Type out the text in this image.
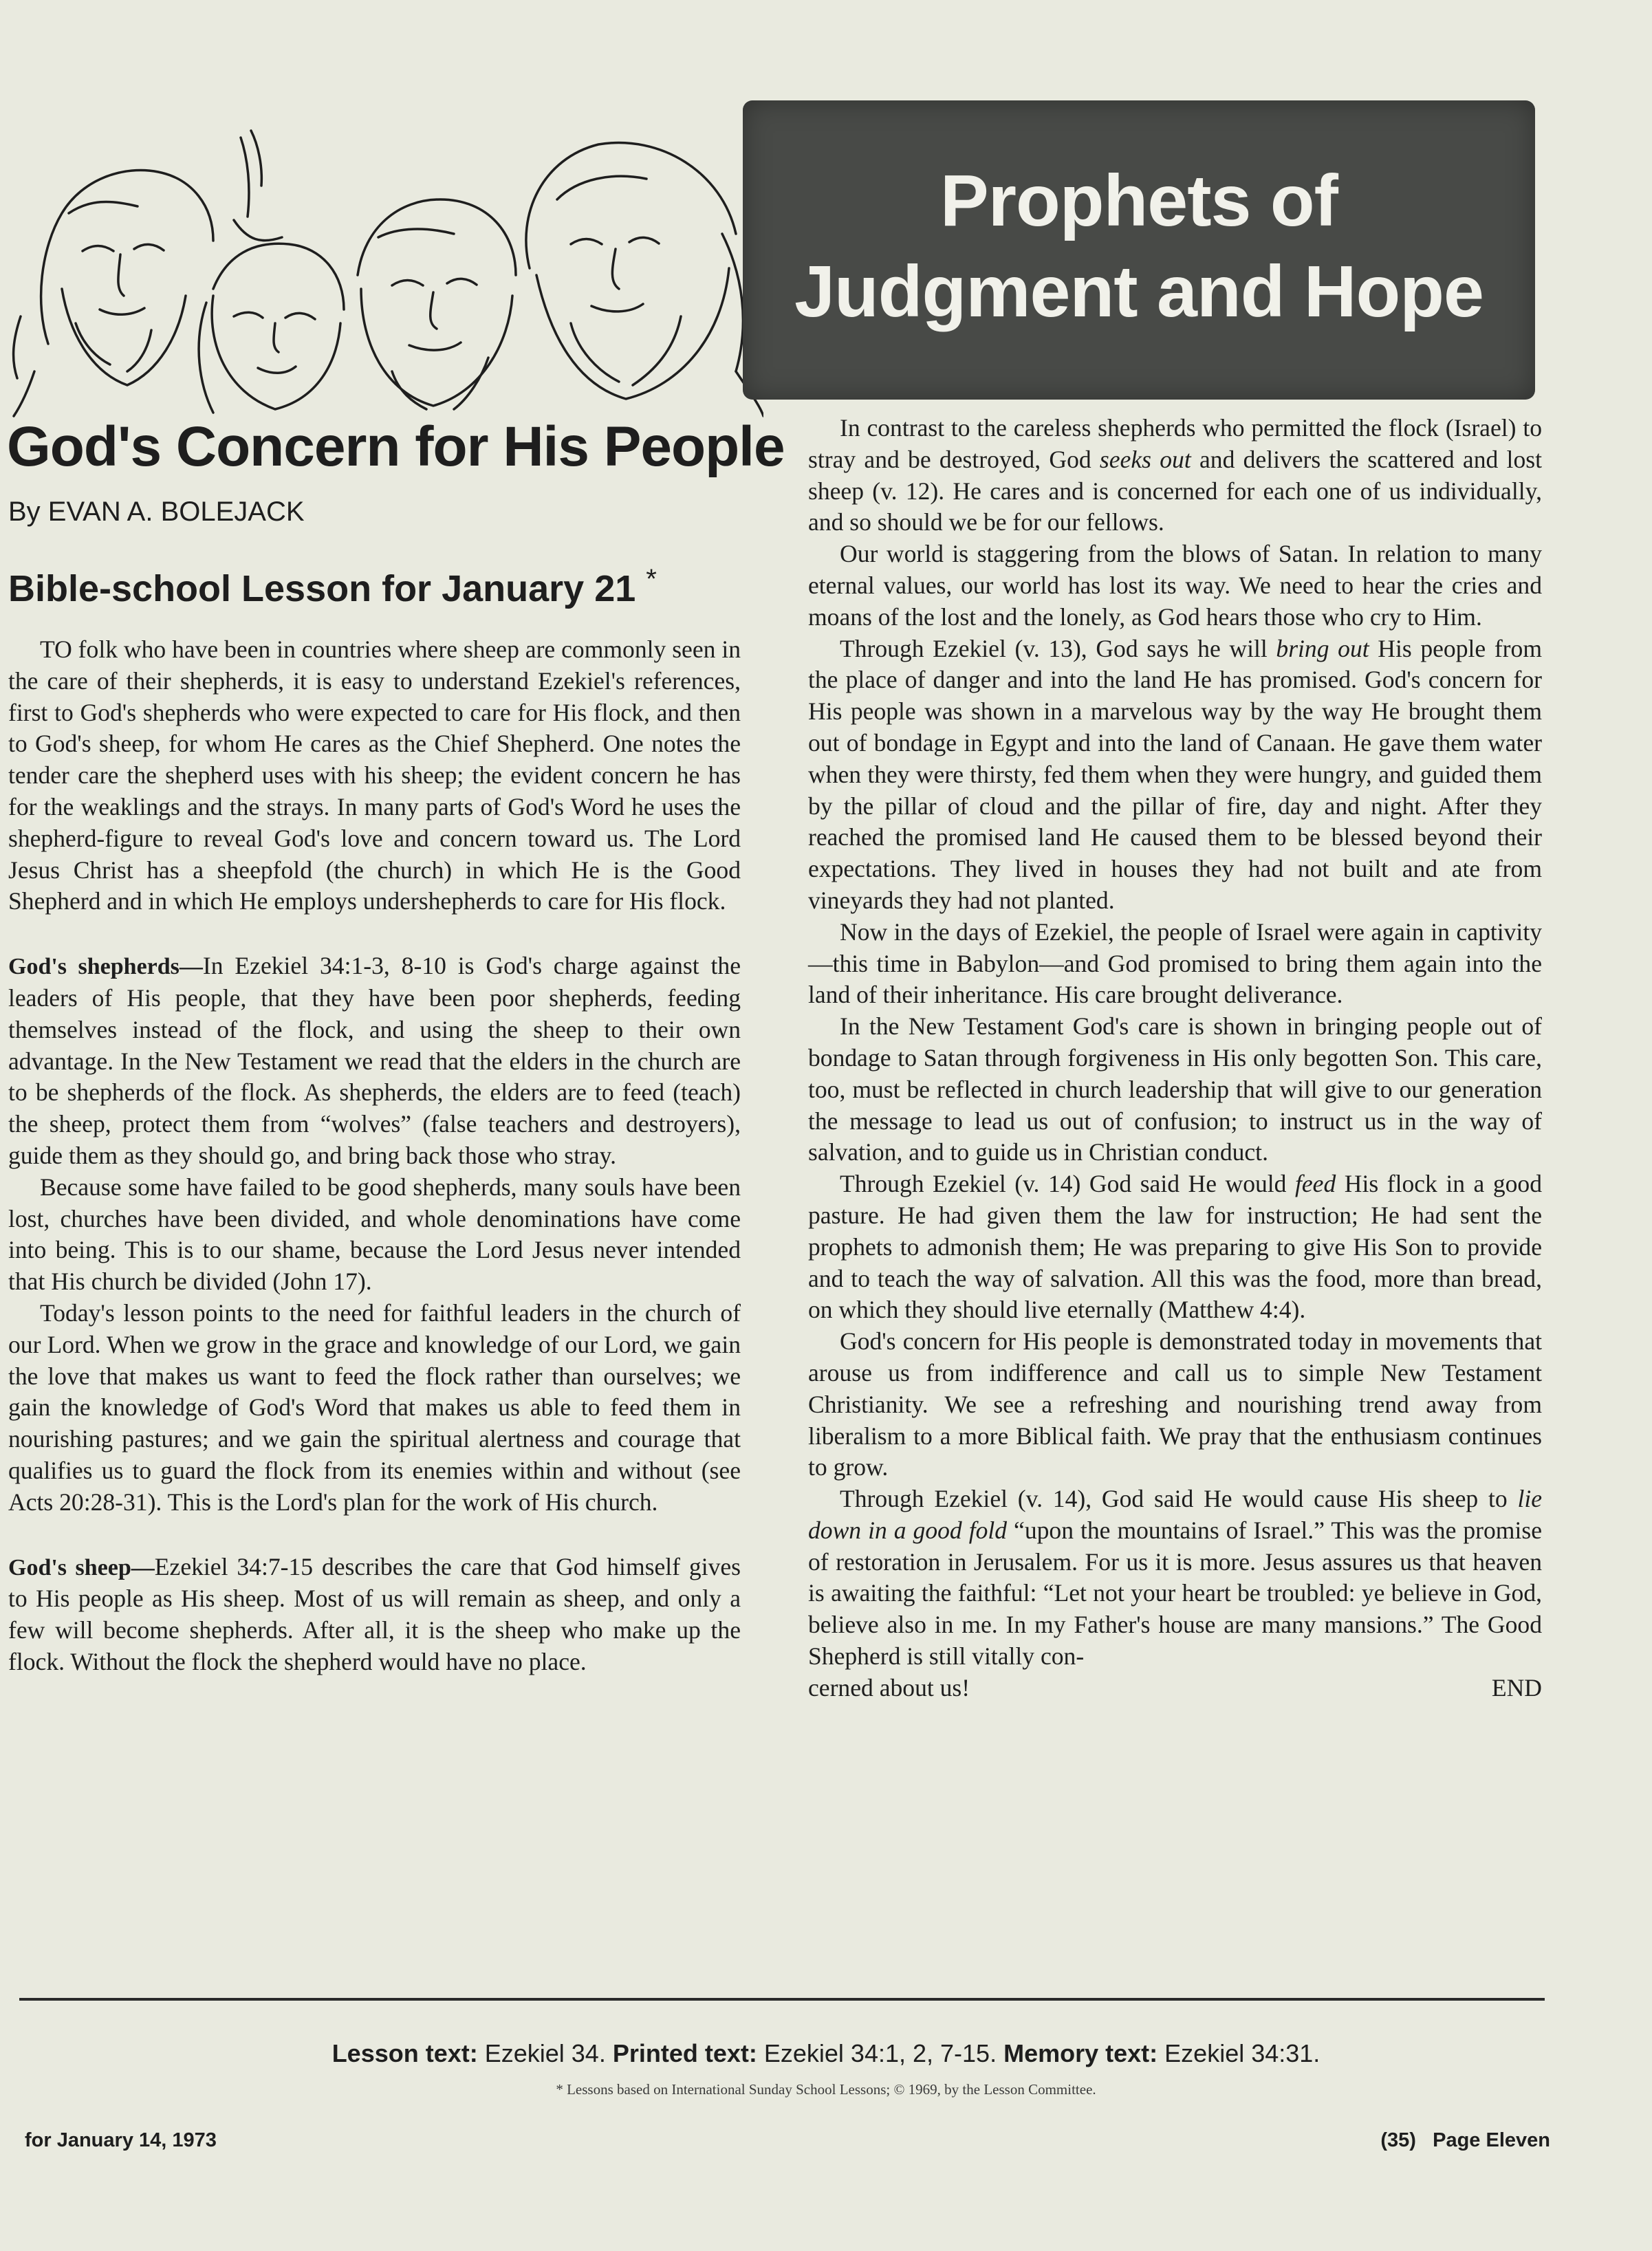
Prophets of
Judgment and Hope
God's Concern for His People

By EVAN A. BOLEJACK

Bible-school Lesson for January 21 *

TO folk who have been in countries where sheep are commonly seen in the care of their shepherds, it is easy to understand Ezekiel's references, first to God's shepherds who were expected to care for His flock, and then to God's sheep, for whom He cares as the Chief Shepherd. One notes the tender care the shepherd uses with his sheep; the evident concern he has for the weaklings and the strays. In many parts of God's Word he uses the shepherd-figure to reveal God's love and concern toward us. The Lord Jesus Christ has a sheepfold (the church) in which He is the Good Shepherd and in which He employs undershepherds to care for His flock.

God's shepherds—In Ezekiel 34:1-3, 8-10 is God's charge against the leaders of His people, that they have been poor shepherds, feeding themselves instead of the flock, and using the sheep to their own advantage. In the New Testament we read that the elders in the church are to be shepherds of the flock. As shepherds, the elders are to feed (teach) the sheep, protect them from “wolves” (false teachers and destroyers), guide them as they should go, and bring back those who stray.

Because some have failed to be good shepherds, many souls have been lost, churches have been divided, and whole denominations have come into being. This is to our shame, because the Lord Jesus never intended that His church be divided (John 17).

Today's lesson points to the need for faithful leaders in the church of our Lord. When we grow in the grace and knowledge of our Lord, we gain the love that makes us want to feed the flock rather than ourselves; we gain the knowledge of God's Word that makes us able to feed them in nourishing pastures; and we gain the spiritual alertness and courage that qualifies us to guard the flock from its enemies within and without (see Acts 20:28-31). This is the Lord's plan for the work of His church.

God's sheep—Ezekiel 34:7-15 describes the care that God himself gives to His people as His sheep. Most of us will remain as sheep, and only a few will become shepherds. After all, it is the sheep who make up the flock. Without the flock the shepherd would have no place.

In contrast to the careless shepherds who permitted the flock (Israel) to stray and be destroyed, God seeks out and delivers the scattered and lost sheep (v. 12). He cares and is concerned for each one of us individually, and so should we be for our fellows.

Our world is staggering from the blows of Satan. In relation to many eternal values, our world has lost its way. We need to hear the cries and moans of the lost and the lonely, as God hears those who cry to Him.

Through Ezekiel (v. 13), God says he will bring out His people from the place of danger and into the land He has promised. God's concern for His people was shown in a marvelous way by the way He brought them out of bondage in Egypt and into the land of Canaan. He gave them water when they were thirsty, fed them when they were hungry, and guided them by the pillar of cloud and the pillar of fire, day and night. After they reached the promised land He caused them to be blessed beyond their expectations. They lived in houses they had not built and ate from vineyards they had not planted.

Now in the days of Ezekiel, the people of Israel were again in captivity—this time in Babylon—and God promised to bring them again into the land of their inheritance. His care brought deliverance.

In the New Testament God's care is shown in bringing people out of bondage to Satan through forgiveness in His only begotten Son. This care, too, must be reflected in church leadership that will give to our generation the message to lead us out of confusion; to instruct us in the way of salvation, and to guide us in Christian conduct.

Through Ezekiel (v. 14) God said He would feed His flock in a good pasture. He had given them the law for instruction; He had sent the prophets to admonish them; He was preparing to give His Son to provide and to teach the way of salvation. All this was the food, more than bread, on which they should live eternally (Matthew 4:4).

God's concern for His people is demonstrated today in movements that arouse us from indifference and call us to simple New Testament Christianity. We see a refreshing and nourishing trend away from liberalism to a more Biblical faith. We pray that the enthusiasm continues to grow.

Through Ezekiel (v. 14), God said He would cause His sheep to lie down in a good fold “upon the mountains of Israel.” This was the promise of restoration in Jerusalem. For us it is more. Jesus assures us that heaven is awaiting the faithful: “Let not your heart be troubled: ye believe in God, believe also in me. In my Father's house are many mansions.” The Good Shepherd is still vitally con-

cerned about us!	END
Lesson text: Ezekiel 34. Printed text: Ezekiel 34:1, 2, 7-15. Memory text: Ezekiel 34:31.
* Lessons based on International Sunday School Lessons; © 1969, by the Lesson Committee.
for January 14, 1973	(35)   Page Eleven
